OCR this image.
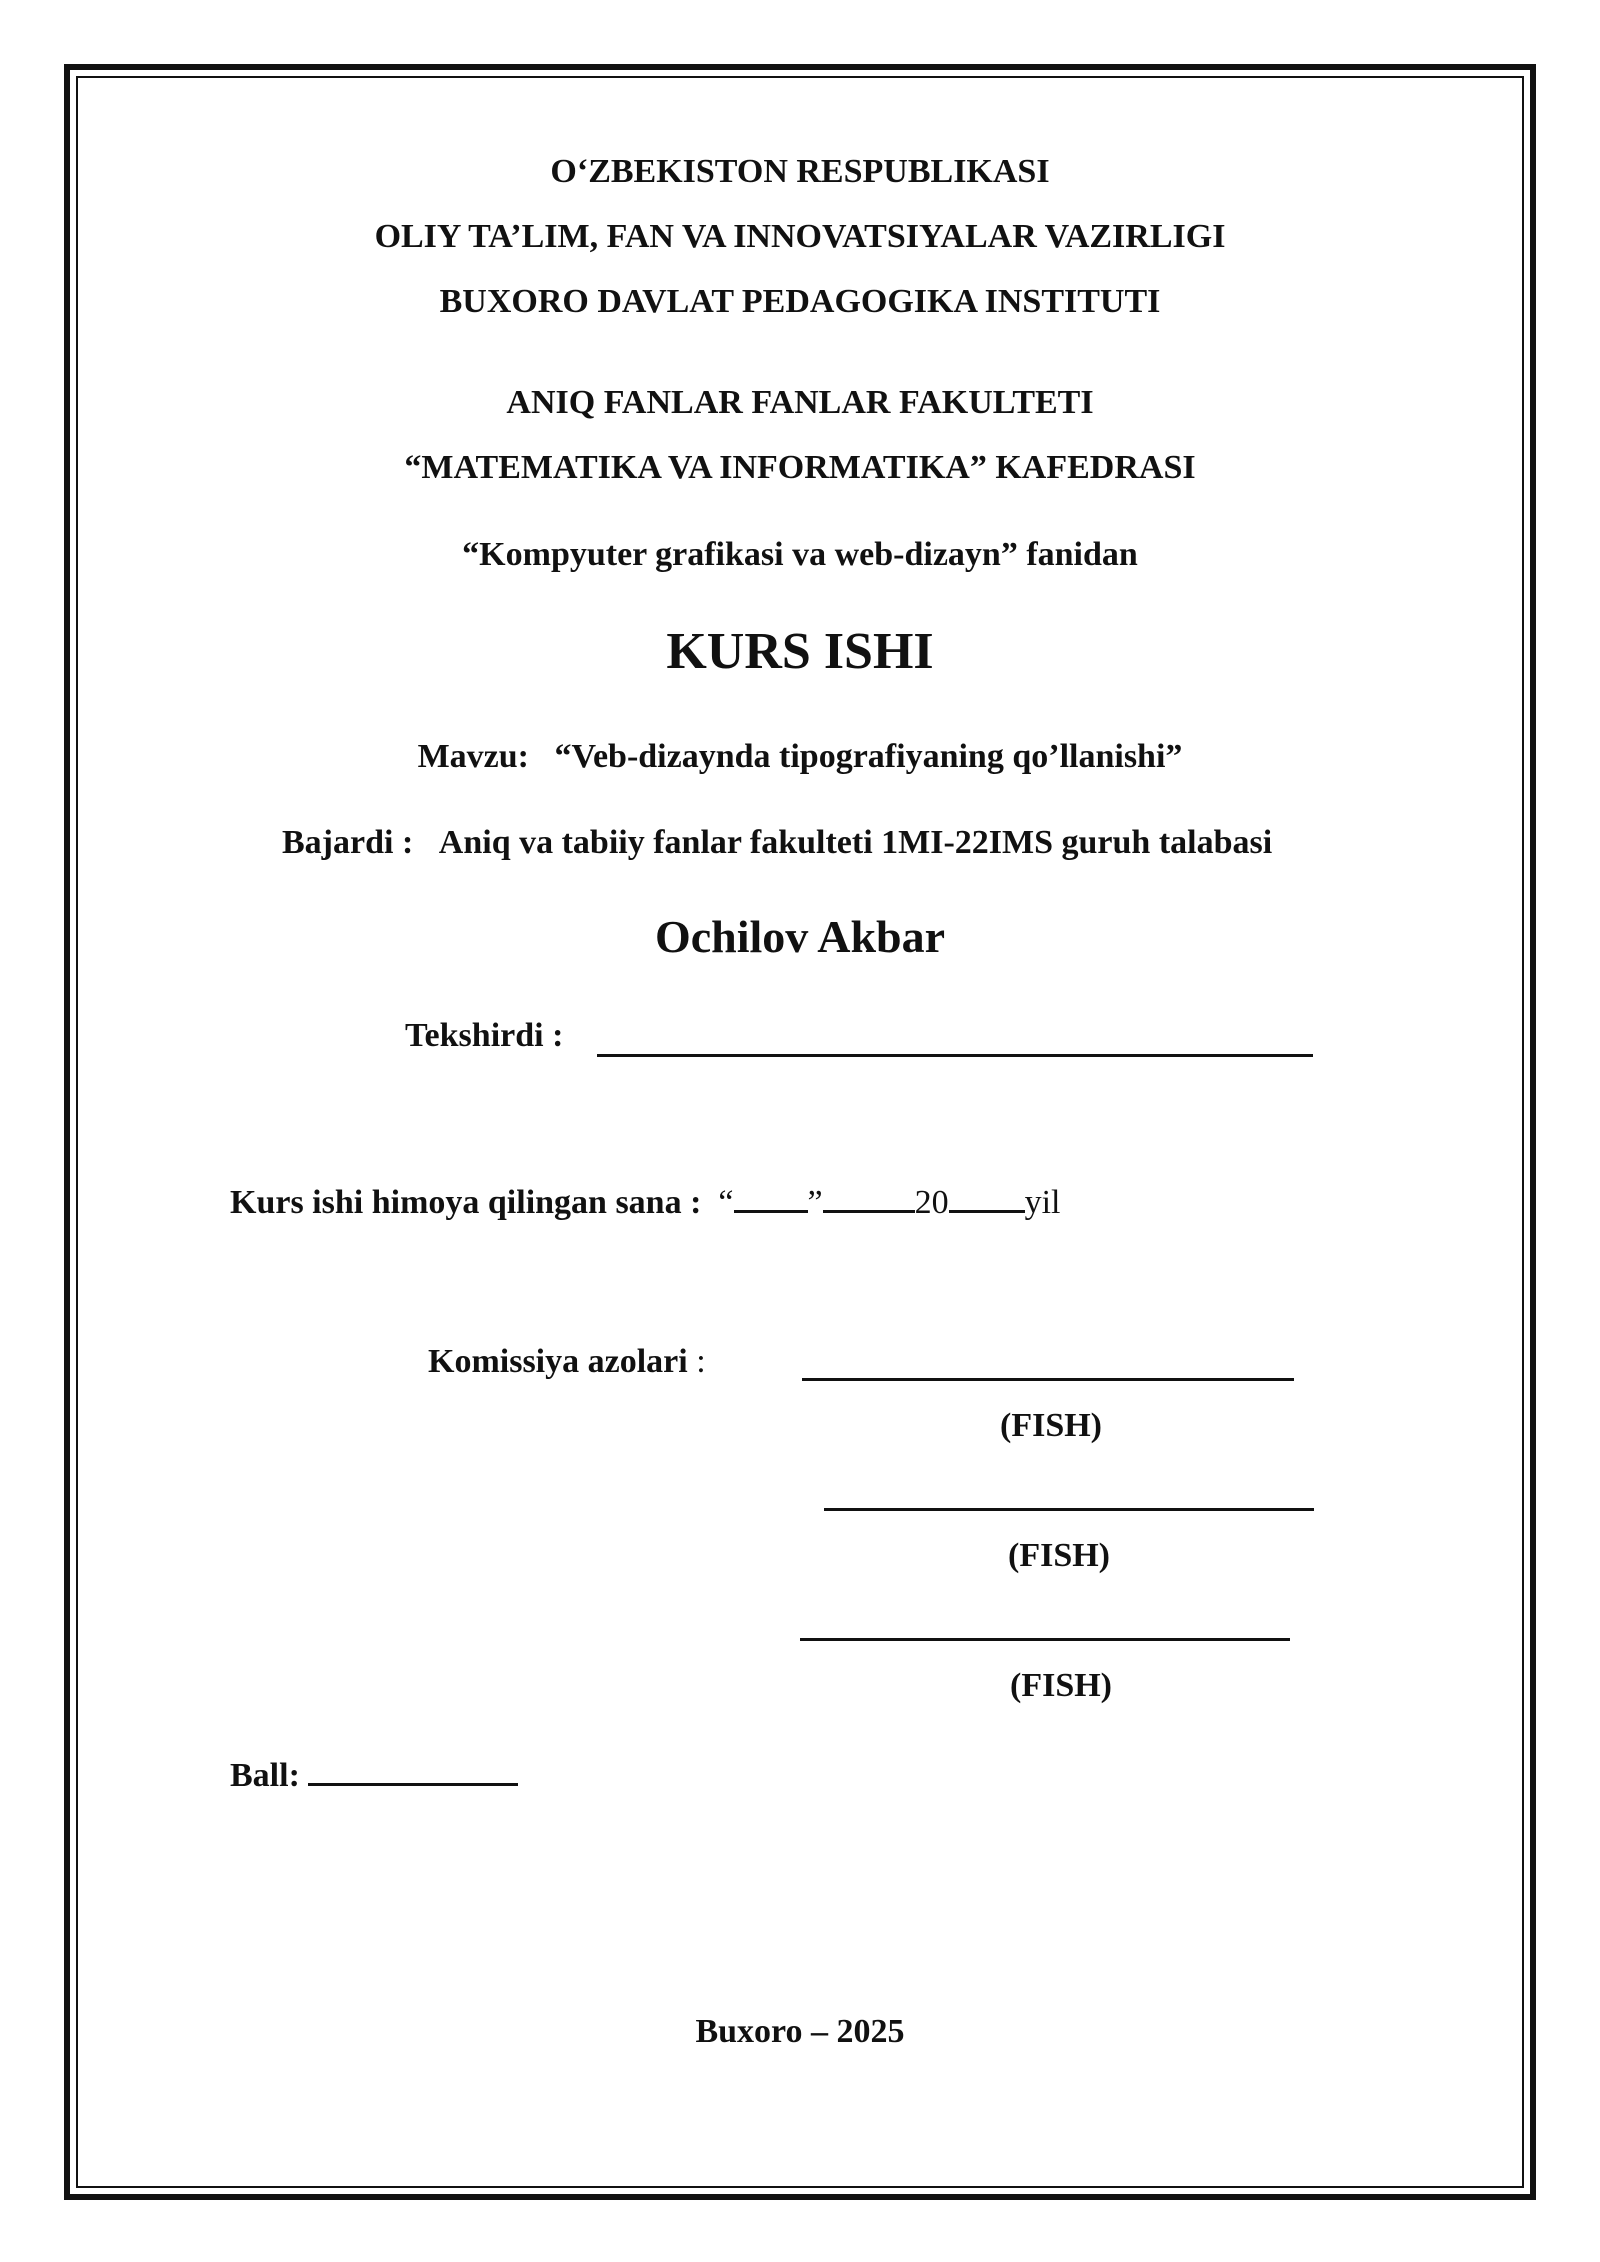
O‘ZBEKISTON RESPUBLIKASI
OLIY TA’LIM, FAN VA INNOVATSIYALAR VAZIRLIGI
BUXORO DAVLAT PEDAGOGIKA INSTITUTI
ANIQ FANLAR FANLAR FAKULTETI
“MATEMATIKA VA INFORMATIKA” KAFEDRASI
“Kompyuter grafikasi va web-dizayn” fanidan
KURS ISHI
Mavzu: “Veb-dizaynda tipografiyaning qo’llanishi”
Bajardi : Aniq va tabiiy fanlar fakulteti 1MI-22IMS guruh talabasi
Ochilov Akbar
Tekshirdi :
Kurs ishi himoya qilingan sana : “ ”	20 yil
Komissiya azolari :
(FISH)
(FISH)
(FISH)
Ball:
Buxoro – 2025
